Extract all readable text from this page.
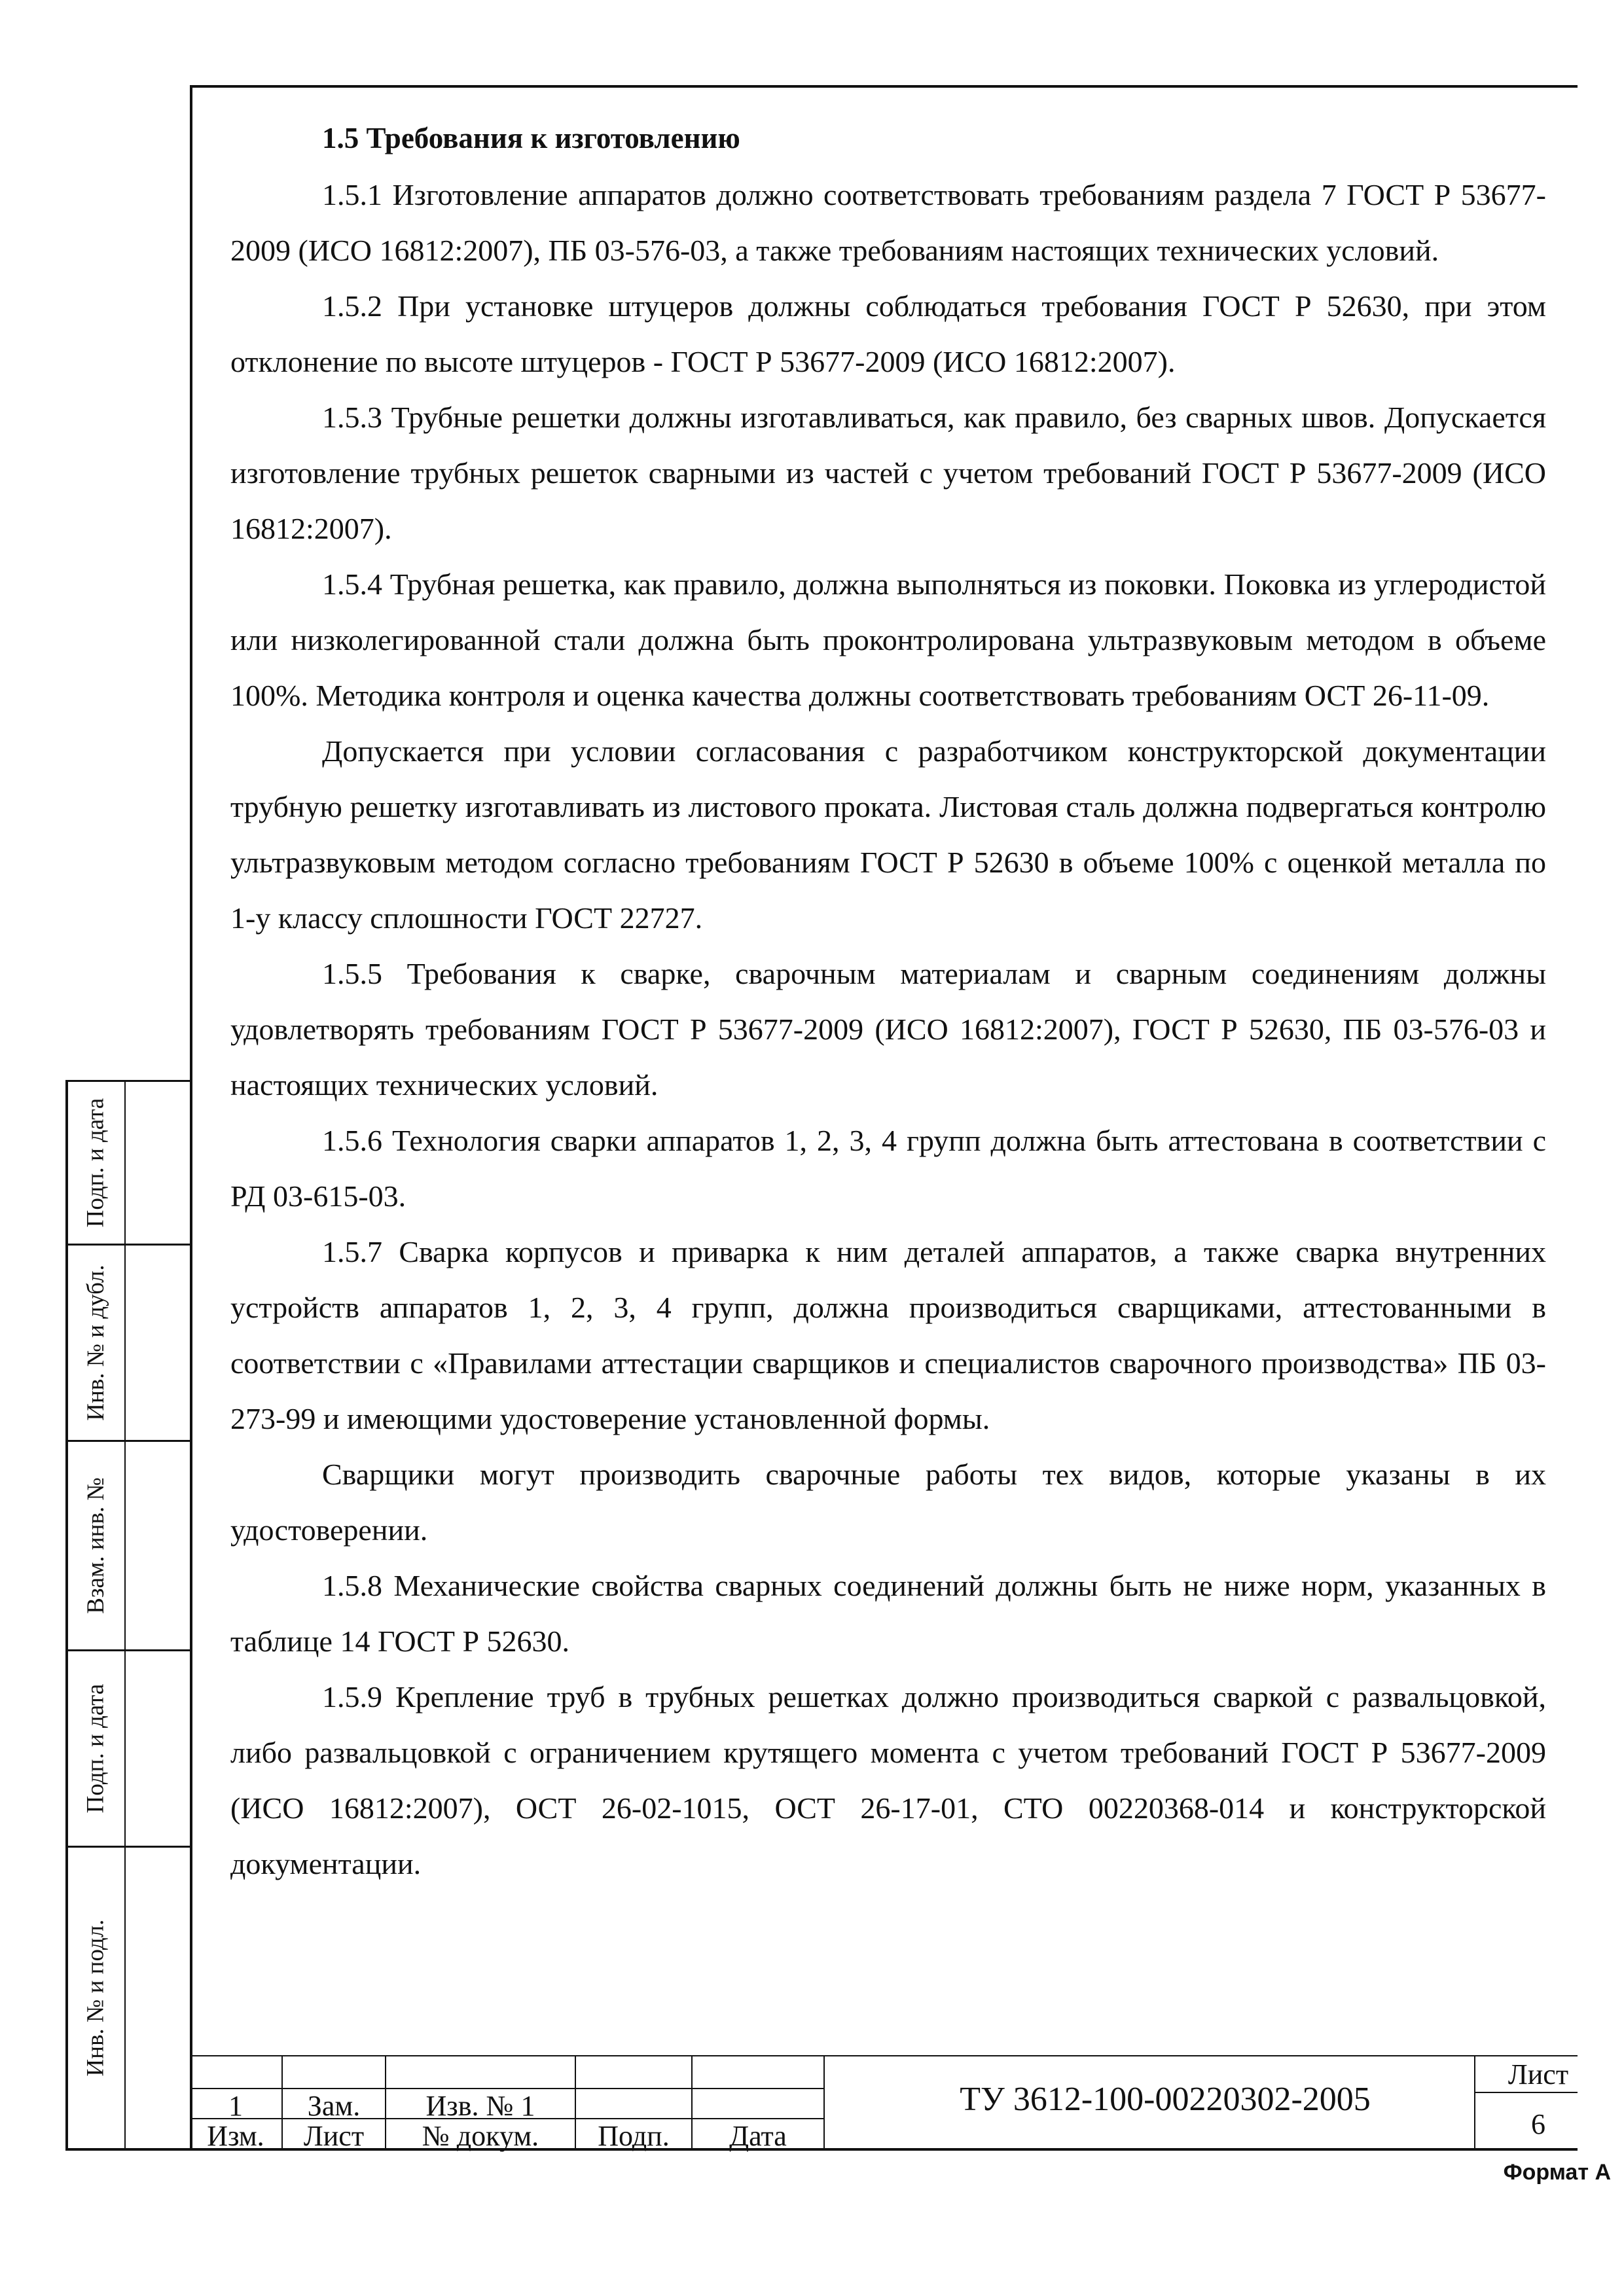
Подп. и дата
Инв. № и дубл.
Взам. инв. №
Подп. и дата
Инв. № и подл.
1.5 Требования к изготовлению

1.5.1 Изготовление аппаратов должно соответствовать требованиям раздела 7 ГОСТ Р 53677-2009 (ИСО 16812:2007), ПБ 03-576-03, а также требованиям настоящих технических условий.

1.5.2 При установке штуцеров должны соблюдаться требования ГОСТ Р 52630, при этом отклонение по высоте штуцеров - ГОСТ Р 53677-2009 (ИСО 16812:2007).

1.5.3 Трубные решетки должны изготавливаться, как правило, без сварных швов. Допускается изготовление трубных решеток сварными из частей с учетом требований ГОСТ Р 53677-2009 (ИСО 16812:2007).

1.5.4 Трубная решетка, как правило, должна выполняться из поковки. Поковка из углеродистой или низколегированной стали должна быть проконтролирована ультразвуковым методом в объеме 100%. Методика контроля и оценка качества должны соответствовать требованиям ОСТ 26-11-09.

Допускается при условии согласования с разработчиком конструкторской документации трубную решетку изготавливать из листового проката. Листовая сталь должна подвергаться контролю ультразвуковым методом согласно требованиям ГОСТ Р 52630 в объеме 100% с оценкой металла по 1-у классу сплошности ГОСТ 22727.

1.5.5 Требования к сварке, сварочным материалам и сварным соединениям должны удовлетворять требованиям ГОСТ Р 53677-2009 (ИСО 16812:2007), ГОСТ Р 52630, ПБ 03-576-03 и настоящих технических условий.

1.5.6 Технология сварки аппаратов 1, 2, 3, 4 групп должна быть аттестована в соответствии с РД 03-615-03.

1.5.7 Сварка корпусов и приварка к ним деталей аппаратов, а также сварка внутренних устройств аппаратов 1, 2, 3, 4 групп, должна производиться сварщиками, аттестованными в соответствии с «Правилами аттестации сварщиков и специалистов сварочного производства» ПБ 03-273-99 и имеющими удостоверение установленной формы.

Сварщики могут производить сварочные работы тех видов, которые указаны в их удостоверении.

1.5.8 Механические свойства сварных соединений должны быть не ниже норм, указанных в таблице 14 ГОСТ Р 52630.

1.5.9 Крепление труб в трубных решетках должно производиться сваркой с развальцовкой, либо развальцовкой с ограничением крутящего момента с учетом требований ГОСТ Р 53677-2009 (ИСО 16812:2007), ОСТ 26-02-1015, ОСТ 26-17-01, СТО 00220368-014 и конструкторской документации.

1	Зам.	Изв. № 1
Изм.	Лист	№ докум.	Подп.	Дата
ТУ 3612-100-00220302-2005
Лист
6
Формат А
